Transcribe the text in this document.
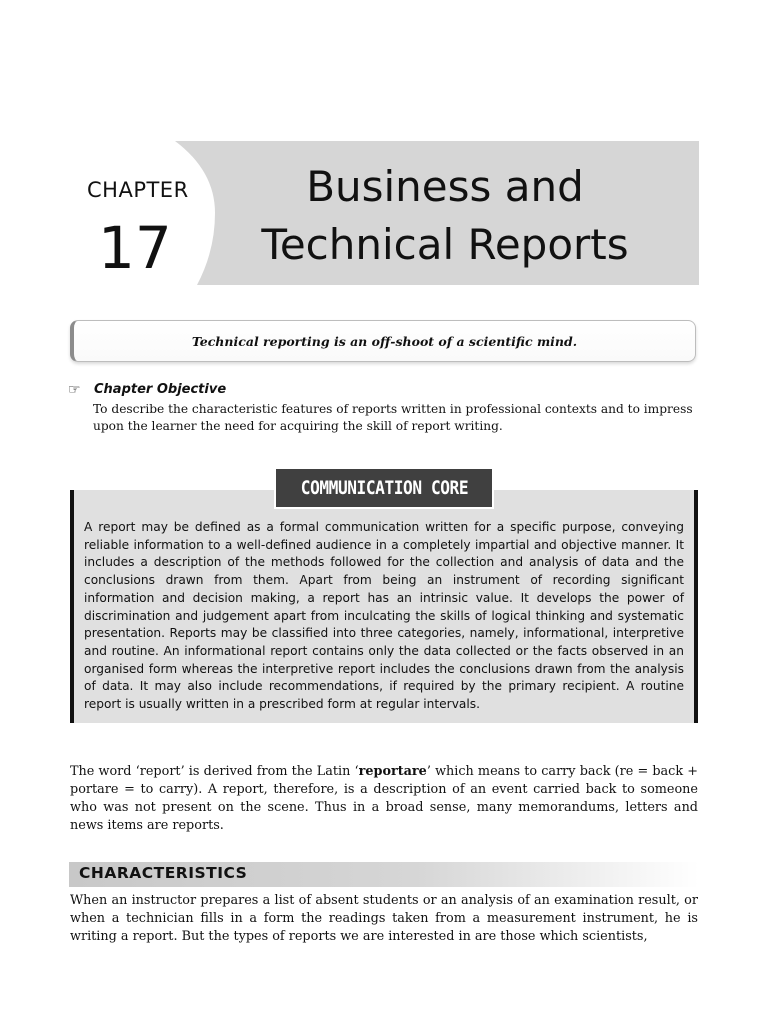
CHAPTER
17
Business and Technical Reports
Technical reporting is an off-shoot of a scientific mind.
☞ Chapter Objective
To describe the characteristic features of reports written in professional contexts and to impress upon the learner the need for acquiring the skill of report writing.
COMMUNICATION CORE
A report may be defined as a formal communication written for a specific purpose, conveying reliable information to a well-defined audience in a completely impartial and objective manner. It includes a description of the methods followed for the collection and analysis of data and the conclusions drawn from them. Apart from being an instrument of recording significant information and decision making, a report has an intrinsic value. It develops the power of discrimination and judgement apart from inculcating the skills of logical thinking and systematic presentation. Reports may be classified into three categories, namely, informational, interpretive and routine. An informational report contains only the data collected or the facts observed in an organised form whereas the interpretive report includes the conclusions drawn from the analysis of data. It may also include recommendations, if required by the primary recipient. A routine report is usually written in a prescribed form at regular intervals.
The word ‘report’ is derived from the Latin ‘reportare’ which means to carry back (re = back + portare = to carry). A report, therefore, is a description of an event carried back to someone who was not present on the scene. Thus in a broad sense, many memorandums, letters and news items are reports.
CHARACTERISTICS
When an instructor prepares a list of absent students or an analysis of an examination result, or when a technician fills in a form the readings taken from a measurement instrument, he is writing a report. But the types of reports we are interested in are those which scientists,
